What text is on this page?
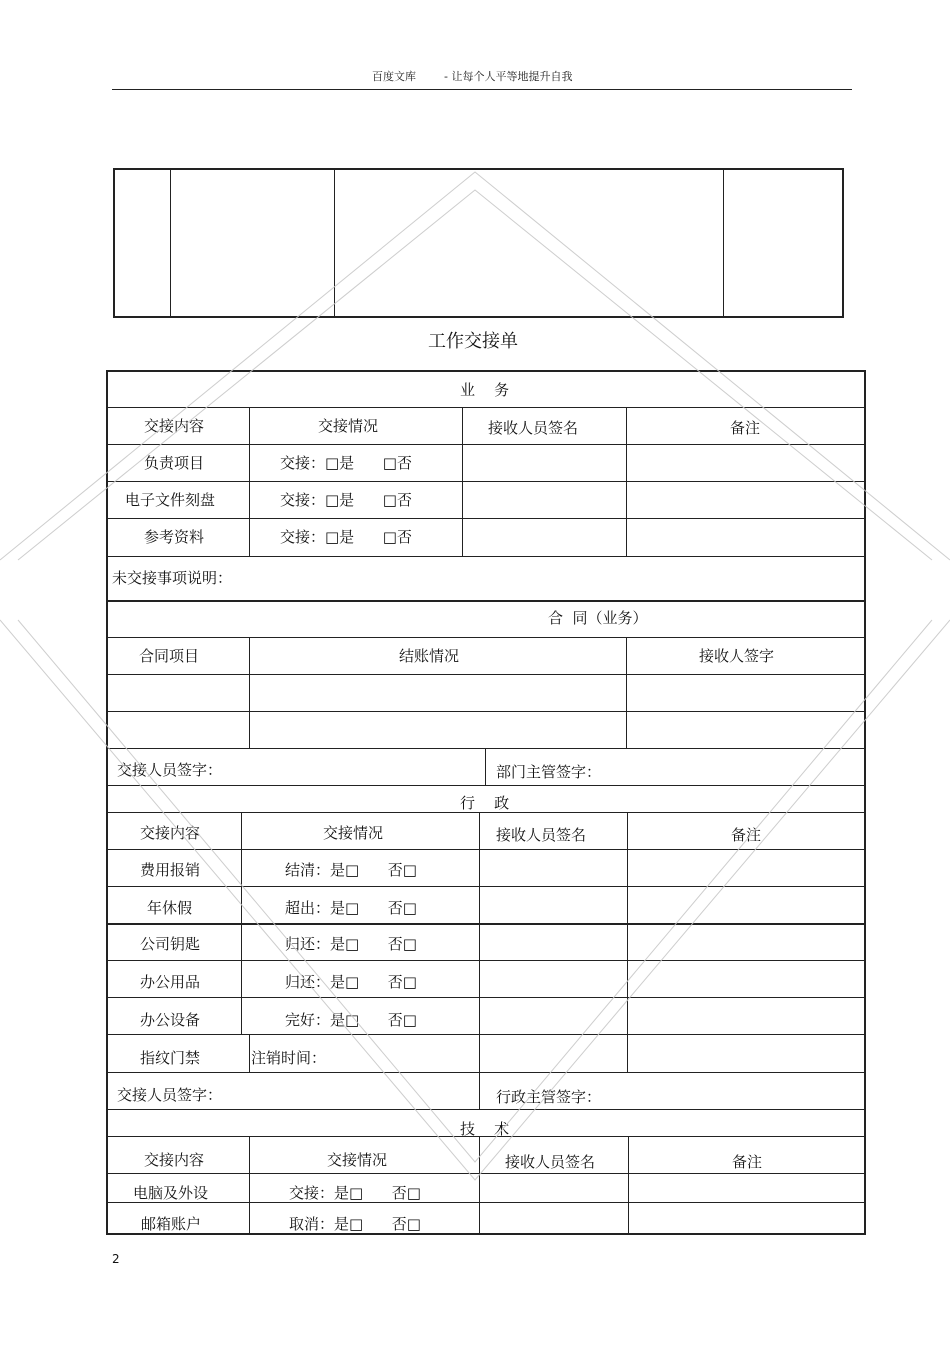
百度文库	- 让每个人平等地提升自我
工作交接单
业    务
交接内容	交接情况	接收人员签名	备注
负责项目	交接：□是      □否
电子文件刻盘	交接：□是      □否
参考资料	交接：□是      □否
未交接事项说明：
合  同（业务）
合同项目	结账情况	接收人签字
交接人员签字：	部门主管签字：
行    政
交接内容	交接情况	接收人员签名	备注
费用报销	结清：是□      否□
年休假	超出：是□      否□
公司钥匙	归还：是□      否□
办公用品	归还：是□      否□
办公设备	完好：是□      否□
指纹门禁	注销时间：
交接人员签字：	行政主管签字：
技    术
交接内容	交接情况	接收人员签名	备注
电脑及外设	交接：是□      否□
邮箱账户	取消：是□      否□
2
